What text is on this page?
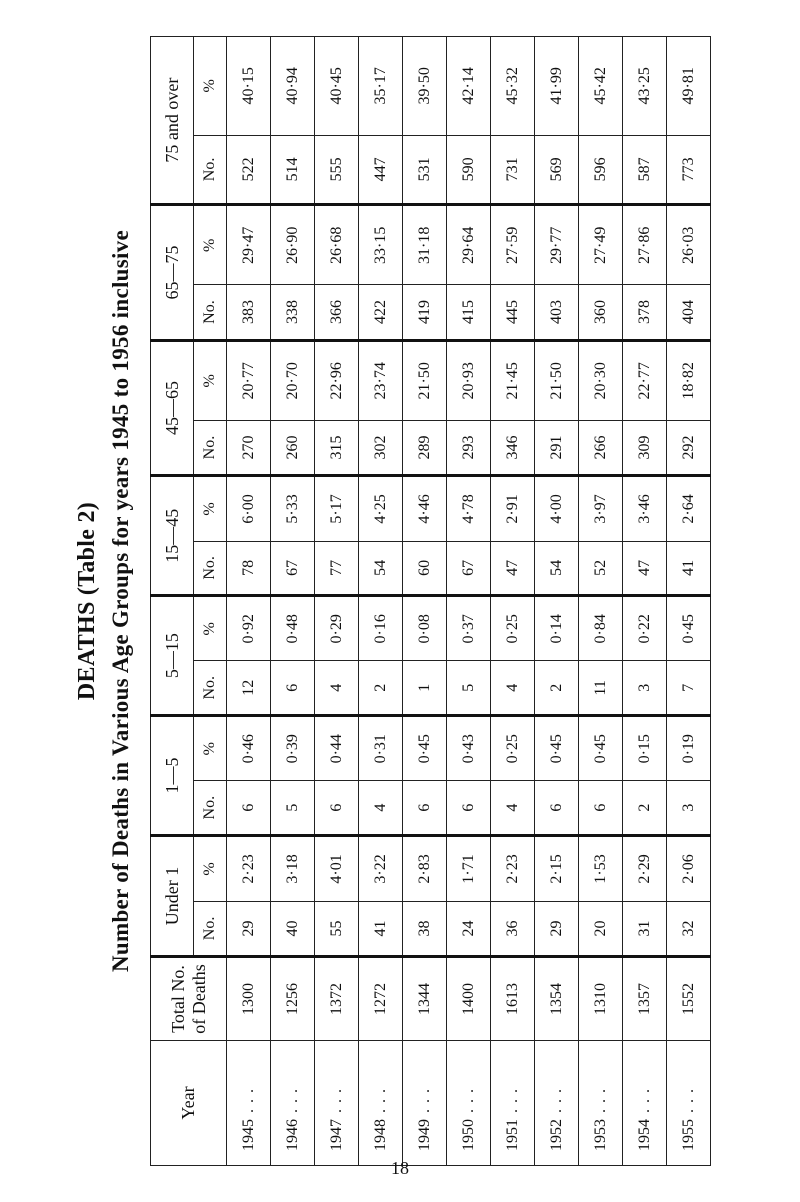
DEATHS (Table 2) Number of Deaths in Various Age Groups for years 1945 to 1956 inclusive
Year	Total No. of Deaths	Under 1		1—5		5—15		15—45		45—65		65—75		75 and over	
		No.	%	No.	%	No.	%	No.	%	No.	%	No.	%	No.	%
1945...	1300	29	2·23	6	0·46	12	0·92	78	6·00	270	20·77	383	29·47	522	40·15
1946...	1256	40	3·18	5	0·39	6	0·48	67	5·33	260	20·70	338	26·90	514	40·94
1947...	1372	55	4·01	6	0·44	4	0·29	77	5·17	315	22·96	366	26·68	555	40·45
1948...	1272	41	3·22	4	0·31	2	0·16	54	4·25	302	23·74	422	33·15	447	35·17
1949...	1344	38	2·83	6	0·45	1	0·08	60	4·46	289	21·50	419	31·18	531	39·50
1950...	1400	24	1·71	6	0·43	5	0·37	67	4·78	293	20·93	415	29·64	590	42·14
1951...	1613	36	2·23	4	0·25	4	0·25	47	2·91	346	21·45	445	27·59	731	45·32
1952...	1354	29	2·15	6	0·45	2	0·14	54	4·00	291	21·50	403	29·77	569	41·99
1953...	1310	20	1·53	6	0·45	11	0·84	52	3·97	266	20·30	360	27·49	596	45·42
1954...	1357	31	2·29	2	0·15	3	0·22	47	3·46	309	22·77	378	27·86	587	43·25
1955...	1552	32	2·06	3	0·19	7	0·45	41	2·64	292	18·82	404	26·03	773	49·81
18
